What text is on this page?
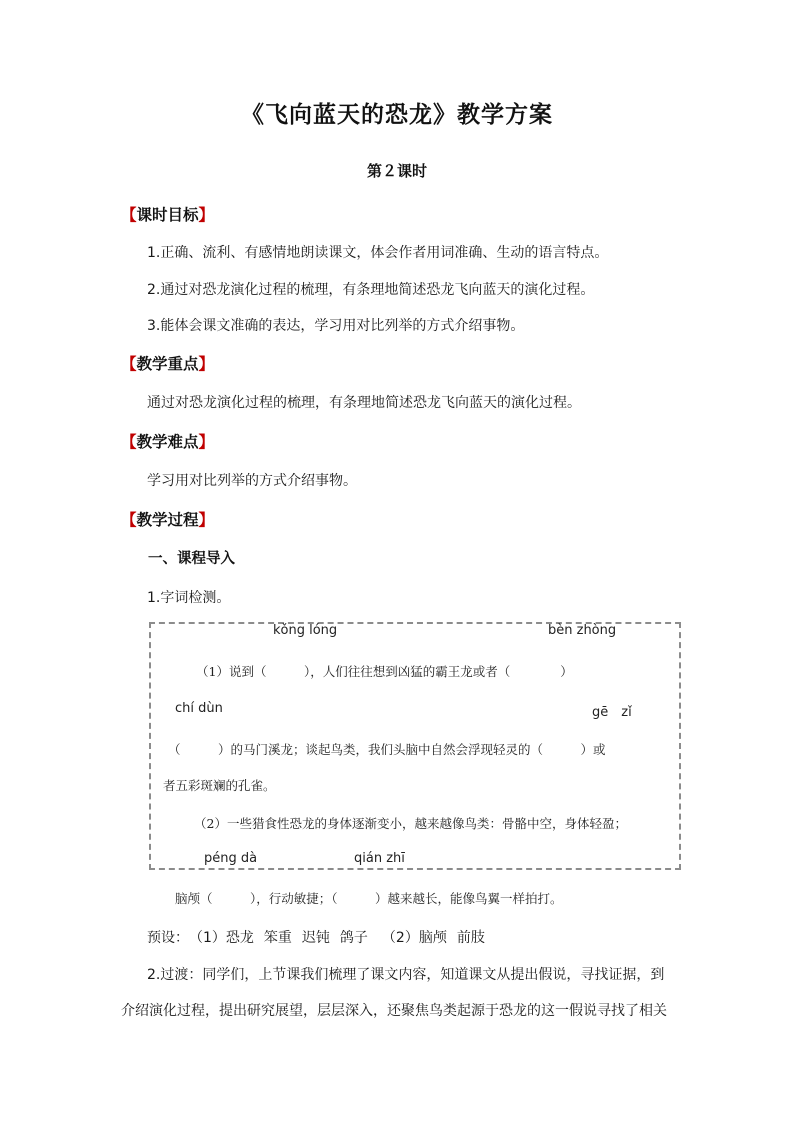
《飞向蓝天的恐龙》教学方案
第２课时
【课时目标】
1.正确、流利、有感情地朗读课文，体会作者用词准确、生动的语言特点。
2.通过对恐龙演化过程的梳理，有条理地简述恐龙飞向蓝天的演化过程。
3.能体会课文准确的表达，学习用对比列举的方式介绍事物。
【教学重点】
通过对恐龙演化过程的梳理，有条理地简述恐龙飞向蓝天的演化过程。
【教学难点】
学习用对比列举的方式介绍事物。
【教学过程】
一、课程导入
1.字词检测。
kǒng lóng	bèn zhòng
（1）说到（　　　），人们往往想到凶猛的霸王龙或者（　　　　）
chí dùn	gē　zǐ
（　　　）的马门溪龙；谈起鸟类，我们头脑中自然会浮现轻灵的（　　　）或
者五彩斑斓的孔雀。
（2）一些猎食性恐龙的身体逐渐变小，越来越像鸟类：骨骼中空，身体轻盈；
péng dà	qián zhī
脑颅（　　　），行动敏捷；（　　　）越来越长，能像鸟翼一样拍打。
预设：（1）恐龙 笨重 迟钝 鸽子 （2）脑颅 前肢
2.过渡：同学们，上节课我们梳理了课文内容，知道课文从提出假说，寻找证据，到
介绍演化过程，提出研究展望，层层深入，还聚焦鸟类起源于恐龙的这一假说寻找了相关
